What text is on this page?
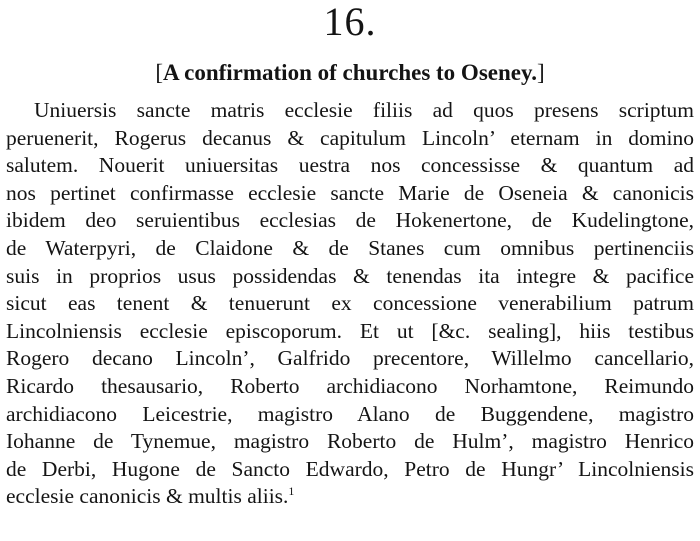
16.
[A confirmation of churches to Oseney.]
Uniuersis sancte matris ecclesie filiis ad quos presens scriptum
peruenerit, Rogerus decanus & capitulum Lincoln’ eternam in domino
salutem. Nouerit uniuersitas uestra nos concessisse & quantum ad
nos pertinet confirmasse ecclesie sancte Marie de Oseneia & canonicis
ibidem deo seruientibus ecclesias de Hokenertone, de Kudelingtone,
de Waterpyri, de Claidone & de Stanes cum omnibus pertinenciis
suis in proprios usus possidendas & tenendas ita integre & pacifice
sicut eas tenent & tenuerunt ex concessione venerabilium patrum
Lincolniensis ecclesie episcoporum. Et ut [&c. sealing], hiis testibus
Rogero decano Lincoln’, Galfrido precentore, Willelmo cancellario,
Ricardo thesausario, Roberto archidiacono Norhamtone, Reimundo
archidiacono Leicestrie, magistro Alano de Buggendene, magistro
Iohanne de Tynemue, magistro Roberto de Hulm’, magistro Henrico
de Derbi, Hugone de Sancto Edwardo, Petro de Hungr’ Lincolniensis
ecclesie canonicis & multis aliis.$^1$
